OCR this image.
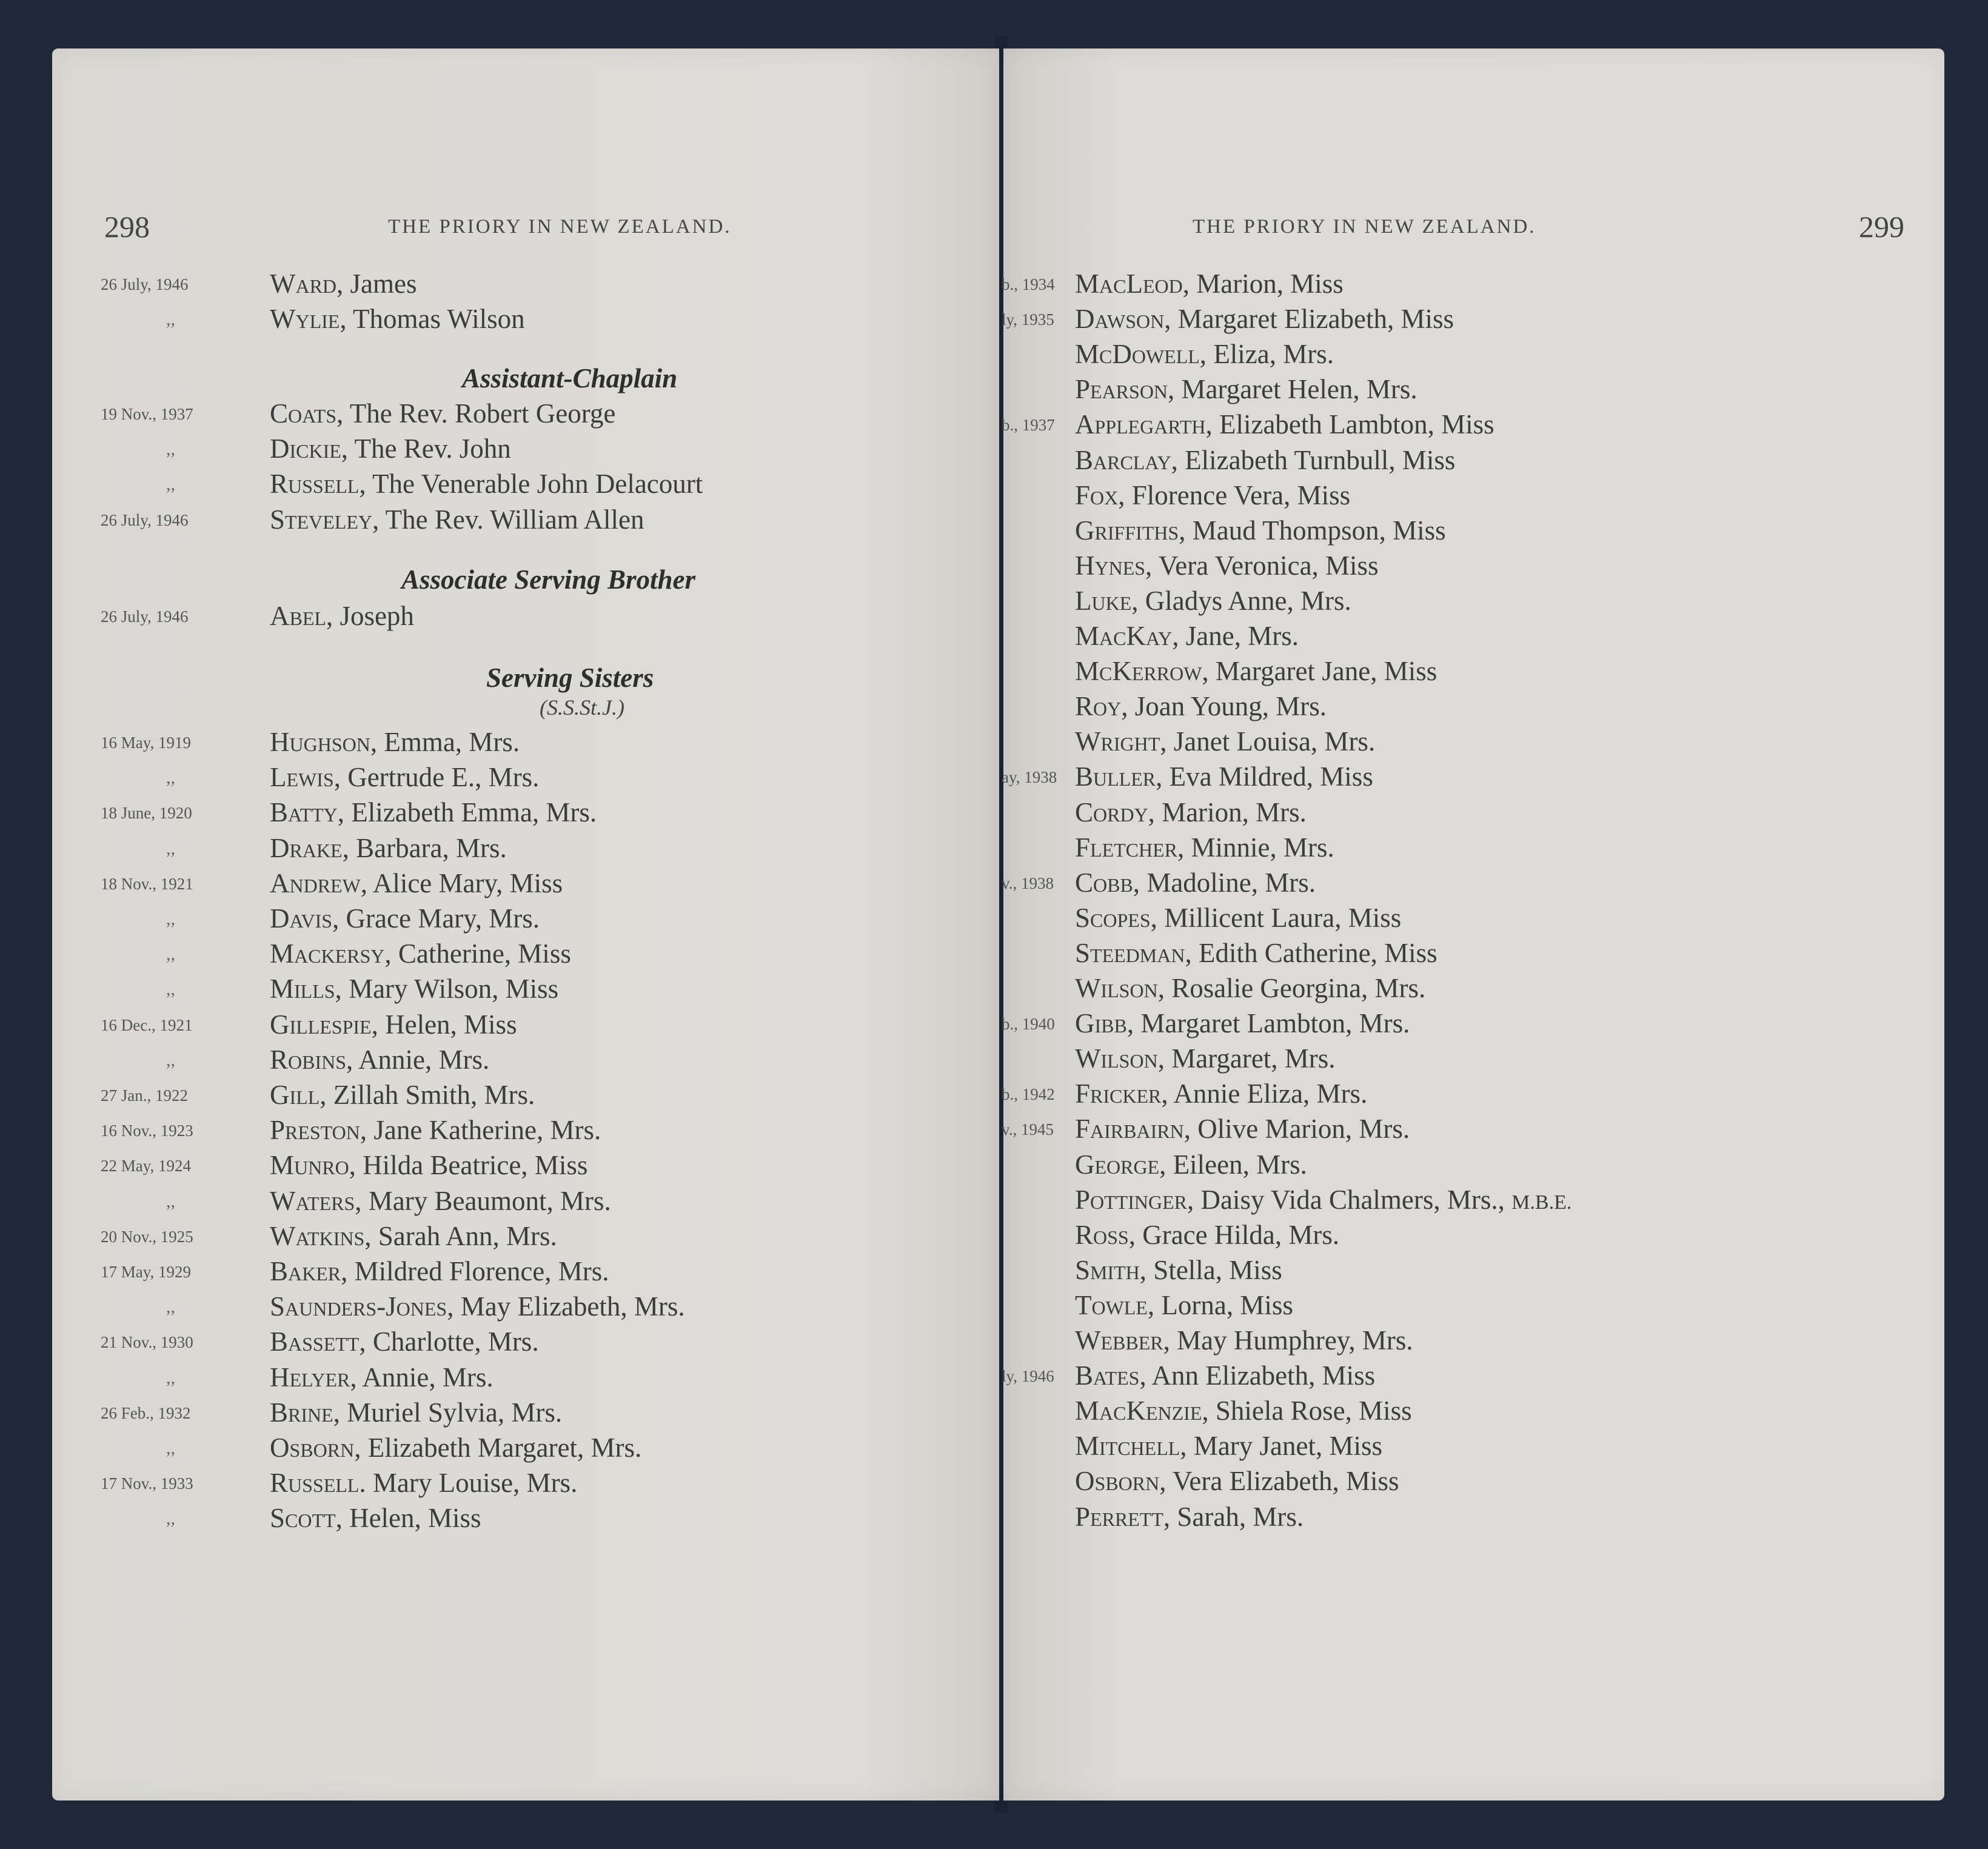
298	THE PRIORY IN NEW ZEALAND.	THE PRIORY IN NEW ZEALAND.	299
Assistant-Chaplain
Associate Serving Brother
Serving Sisters
(S.S.St.J.)
26 July, 1946	Ward, James
,,	Wylie, Thomas Wilson
19 Nov., 1937	Coats, The Rev. Robert George
,,	Dickie, The Rev. John
,,	Russell, The Venerable John Delacourt
26 July, 1946	Steveley, The Rev. William Allen
26 July, 1946	Abel, Joseph
16 May, 1919	Hughson, Emma, Mrs.
,,	Lewis, Gertrude E., Mrs.
18 June, 1920	Batty, Elizabeth Emma, Mrs.
,,	Drake, Barbara, Mrs.
18 Nov., 1921	Andrew, Alice Mary, Miss
,,	Davis, Grace Mary, Mrs.
,,	Mackersy, Catherine, Miss
,,	Mills, Mary Wilson, Miss
16 Dec., 1921	Gillespie, Helen, Miss
,,	Robins, Annie, Mrs.
27 Jan., 1922	Gill, Zillah Smith, Mrs.
16 Nov., 1923	Preston, Jane Katherine, Mrs.
22 May, 1924	Munro, Hilda Beatrice, Miss
,,	Waters, Mary Beaumont, Mrs.
20 Nov., 1925	Watkins, Sarah Ann, Mrs.
17 May, 1929	Baker, Mildred Florence, Mrs.
,,	Saunders-Jones, May Elizabeth, Mrs.
21 Nov., 1930	Bassett, Charlotte, Mrs.
,,	Helyer, Annie, Mrs.
26 Feb., 1932	Brine, Muriel Sylvia, Mrs.
,,	Osborn, Elizabeth Margaret, Mrs.
17 Nov., 1933	Russell. Mary Louise, Mrs.
,,	Scott, Helen, Miss
b., 1934 MacLeod, Marion, Miss
ly, 1935 Dawson, Margaret Elizabeth, Miss
McDowell, Eliza, Mrs.
Pearson, Margaret Helen, Mrs.
b., 1937 Applegarth, Elizabeth Lambton, Miss
Barclay, Elizabeth Turnbull, Miss
Fox, Florence Vera, Miss
Griffiths, Maud Thompson, Miss
Hynes, Vera Veronica, Miss
Luke, Gladys Anne, Mrs.
MacKay, Jane, Mrs.
McKerrow, Margaret Jane, Miss
Roy, Joan Young, Mrs.
Wright, Janet Louisa, Mrs.
ay, 1938 Buller, Eva Mildred, Miss
Cordy, Marion, Mrs.
Fletcher, Minnie, Mrs.
v., 1938 Cobb, Madoline, Mrs.
Scopes, Millicent Laura, Miss
Steedman, Edith Catherine, Miss
Wilson, Rosalie Georgina, Mrs.
b., 1940 Gibb, Margaret Lambton, Mrs.
Wilson, Margaret, Mrs.
b., 1942 Fricker, Annie Eliza, Mrs.
v., 1945 Fairbairn, Olive Marion, Mrs.
George, Eileen, Mrs.
Pottinger, Daisy Vida Chalmers, Mrs., M.B.E.
Ross, Grace Hilda, Mrs.
Smith, Stella, Miss
Towle, Lorna, Miss
Webber, May Humphrey, Mrs.
ly, 1946 Bates, Ann Elizabeth, Miss
MacKenzie, Shiela Rose, Miss
Mitchell, Mary Janet, Miss
Osborn, Vera Elizabeth, Miss
Perrett, Sarah, Mrs.
